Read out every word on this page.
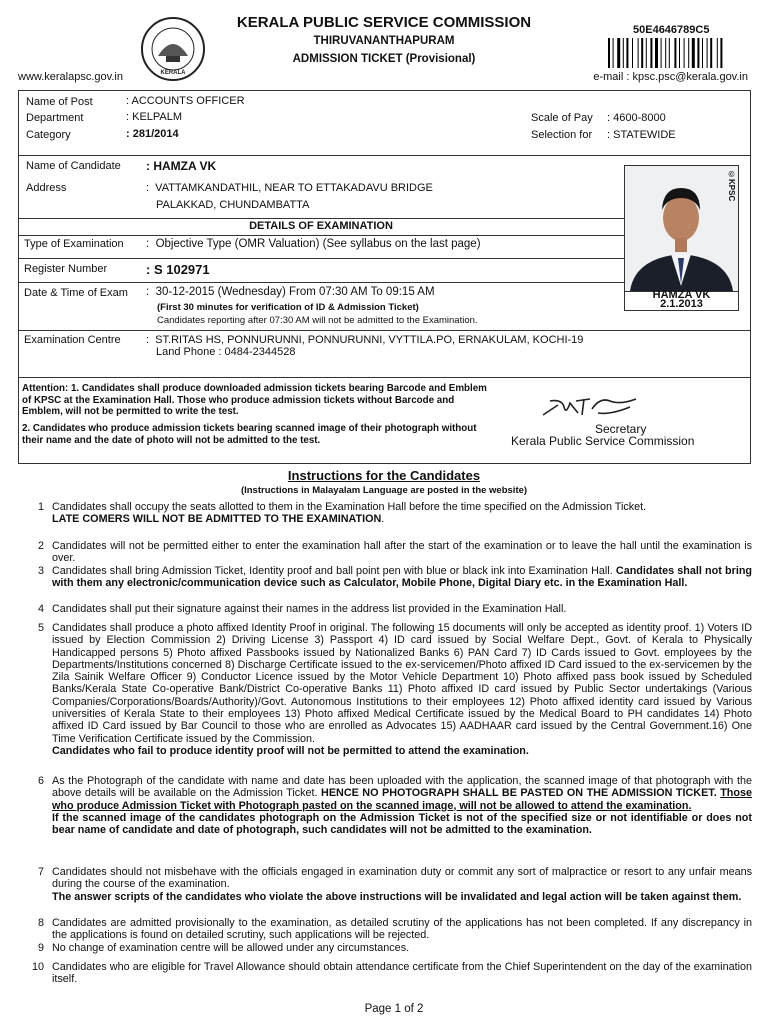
KERALA
KERALA PUBLIC SERVICE COMMISSION
THIRUVANANTHAPURAM
ADMISSION TICKET (Provisional)
50E4646789C5
www.keralapsc.gov.in	e-mail : kpsc.psc@kerala.gov.in
Name of Post	: ACCOUNTS OFFICER
Department	: KELPALM
Category	: 281/2014
Scale of Pay : 4600-8000
Selection for : STATEWIDE
Name of Candidate : HAMZA VK
Address	:  VATTAMKANDATHIL, NEAR TO ETTAKADAVU BRIDGE
PALAKKAD, CHUNDAMBATTA
©KPSC
HAMZA VK
2.1.2013
DETAILS OF EXAMINATION
Type of Examination :  Objective Type (OMR Valuation) (See syllabus on the last page)
Register Number	: S 102971
Date & Time of Exam :  30-12-2015 (Wednesday) From 07:30 AM To 09:15 AM
(First 30 minutes for verification of ID & Admission Ticket)
Candidates reporting after 07:30 AM will not be admitted to the Examination.
Examination Centre :  ST.RITAS HS, PONNURUNNI, PONNURUNNI, VYTTILA.PO, ERNAKULAM, KOCHI-19
Land Phone : 0484-2344528
Attention: 1. Candidates shall produce downloaded admission tickets bearing Barcode and Emblem of KPSC at the Examination Hall. Those who produce admission tickets without Barcode and Emblem, will not be permitted to write the test.
2. Candidates who produce admission tickets bearing scanned image of their photograph without their name and the date of photo will not be admitted to the test.
Secretary
Kerala Public Service Commission
Instructions for the Candidates
(Instructions in Malayalam Language are posted in the website)
1 Candidates shall occupy the seats allotted to them in the Examination Hall before the time specified on the Admission Ticket.
LATE COMERS WILL NOT BE ADMITTED TO THE EXAMINATION.
2 Candidates will not be permitted either to enter the examination hall after the start of the examination or to leave the hall until the examination is over.
3 Candidates shall bring Admission Ticket, Identity proof and ball point pen with blue or black ink into Examination Hall. Candidates shall not bring with them any electronic/communication device such as Calculator, Mobile Phone, Digital Diary etc. in the Examination Hall.
4 Candidates shall put their signature against their names in the address list provided in the Examination Hall.
5 Candidates shall produce a photo affixed Identity Proof in original. The following 15 documents will only be accepted as identity proof. 1) Voters ID issued by Election Commission 2) Driving License 3) Passport 4) ID card issued by Social Welfare Dept., Govt. of Kerala to Physically Handicapped persons 5) Photo affixed Passbooks issued by Nationalized Banks 6) PAN Card 7) ID Cards issued to Govt. employees by the Departments/Institutions concerned 8) Discharge Certificate issued to the ex-servicemen/Photo affixed ID Card issued to the ex-servicemen by the Zila Sainik Welfare Officer 9) Conductor Licence issued by the Motor Vehicle Department 10) Photo affixed pass book issued by Scheduled Banks/Kerala State Co-operative Bank/District Co-operative Banks 11) Photo affixed ID card issued by Public Sector undertakings (Various Companies/Corporations/Boards/Authority)/Govt. Autonomous Institutions to their employees 12) Photo affixed identity card issued by Various universities of Kerala State to their employees 13) Photo affixed Medical Certificate issued by the Medical Board to PH candidates 14) Photo affixed ID Card issued by Bar Council to those who are enrolled as Advocates 15) AADHAAR card issued by the Central Government.16) One Time Verification Certificate issued by the Commission.
Candidates who fail to produce identity proof will not be permitted to attend the examination.
6 As the Photograph of the candidate with name and date has been uploaded with the application, the scanned image of that photograph with the above details will be available on the Admission Ticket. HENCE NO PHOTOGRAPH SHALL BE PASTED ON THE ADMISSION TICKET. Those who produce Admission Ticket with Photograph pasted on the scanned image, will not be allowed to attend the examination.
If the scanned image of the candidates photograph on the Admission Ticket is not of the specified size or not identifiable or does not bear name of candidate and date of photograph, such candidates will not be admitted to the examination.
7 Candidates should not misbehave with the officials engaged in examination duty or commit any sort of malpractice or resort to any unfair means during the course of the examination.
The answer scripts of the candidates who violate the above instructions will be invalidated and legal action will be taken against them.
8 Candidates are admitted provisionally to the examination, as detailed scrutiny of the applications has not been completed. If any discrepancy in the applications is found on detailed scrutiny, such applications will be rejected.
9 No change of examination centre will be allowed under any circumstances.
10 Candidates who are eligible for Travel Allowance should obtain attendance certificate from the Chief Superintendent on the day of the examination itself.
Page 1 of 2
